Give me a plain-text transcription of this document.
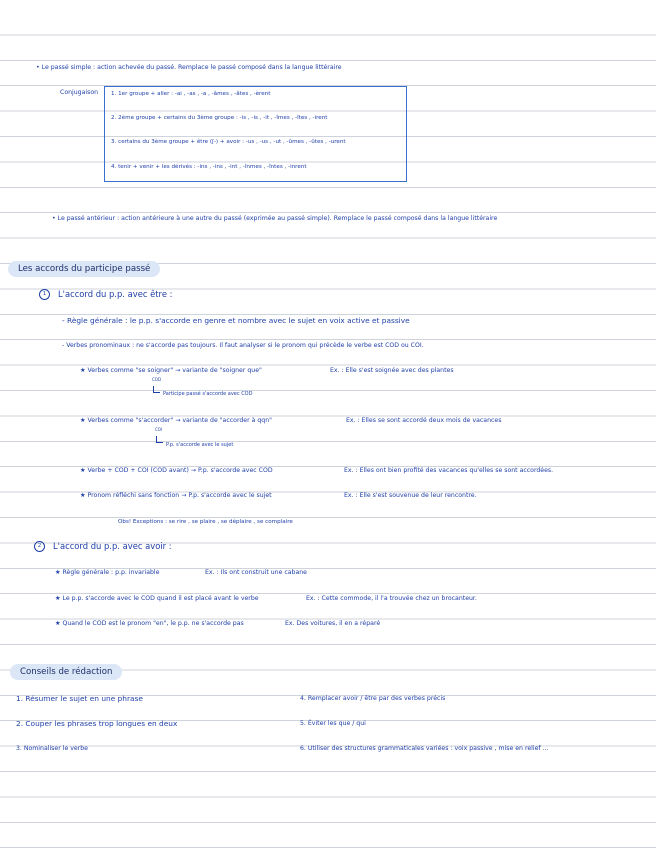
• Le passé simple : action achevée du passé. Remplace le passé composé dans la langue littéraire
Conjugaison 1. 1er groupe + aller : -ai , -as , -a , -âmes , -âtes , -èrent
2. 2ème groupe + certains du 3ème groupe : -is , -is , -it , -îmes , -îtes , -irent
3. certains du 3ème groupe + être (ʃ-) + avoir : -us , -us , -ut , -ûmes , -ûtes , -urent
4. tenir + venir + les dérivés : -ins , -ins , -int , -înmes , -întes , -inrent
• Le passé antérieur : action antérieure à une autre du passé (exprimée au passé simple). Remplace le passé composé dans la langue littéraire
Les accords du participe passé
1	L'accord du p.p. avec être :
- Règle générale : le p.p. s'accorde en genre et nombre avec le sujet en voix active et passive
- Verbes pronominaux : ne s'accorde pas toujours. Il faut analyser si le pronom qui précède le verbe est COD ou COI.
★ Verbes comme "se soigner" → variante de "soigner que"	Ex. : Elle s'est soignée avec des plantes
COD
Participe passé s'accorde avec COD
★ Verbes comme "s'accorder" → variante de "accorder à qqn"	Ex. : Elles se sont accordé deux mois de vacances
COI
P.p. s'accorde avec le sujet
★ Verbe + COD + COI (COD avant) → P.p. s'accorde avec COD	Ex. : Elles ont bien profité des vacances qu'elles se sont accordées.
★ Pronom réfléchi sans fonction → P.p. s'accorde avec le sujet	Ex. : Elle s'est souvenue de leur rencontre.
Obs! Exceptions : se rire , se plaire , se déplaire , se complaire
2	L'accord du p.p. avec avoir :
★ Règle générale : p.p. invariable	Ex. : Ils ont construit une cabane
★ Le p.p. s'accorde avec le COD quand il est placé avant le verbe	Ex. : Cette commode, il l'a trouvée chez un brocanteur.
★ Quand le COD est le pronom "en", le p.p. ne s'accorde pas	Ex. Des voitures, il en a réparé
Conseils de rédaction
1. Résumer le sujet en une phrase
2. Couper les phrases trop longues en deux
3. Nominaliser le verbe
4. Remplacer avoir / être par des verbes précis
5. Éviter les que / qui
6. Utiliser des structures grammaticales variées : voix passive , mise en relief ...
